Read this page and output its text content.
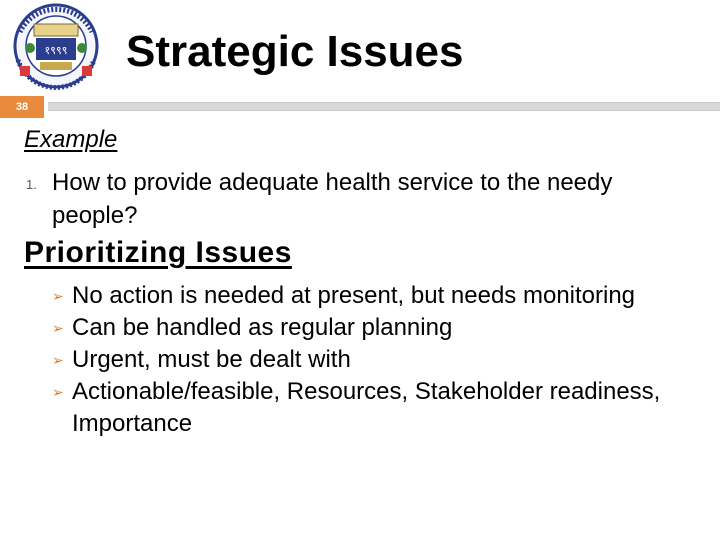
१९९९ Strategic Issues
38
Example
1. How to provide adequate health service to the needy people?
Prioritizing Issues
➢ No action is needed at present, but needs monitoring
➢ Can be handled as regular planning
➢ Urgent, must be dealt with
➢ Actionable/feasible, Resources, Stakeholder readiness, Importance
